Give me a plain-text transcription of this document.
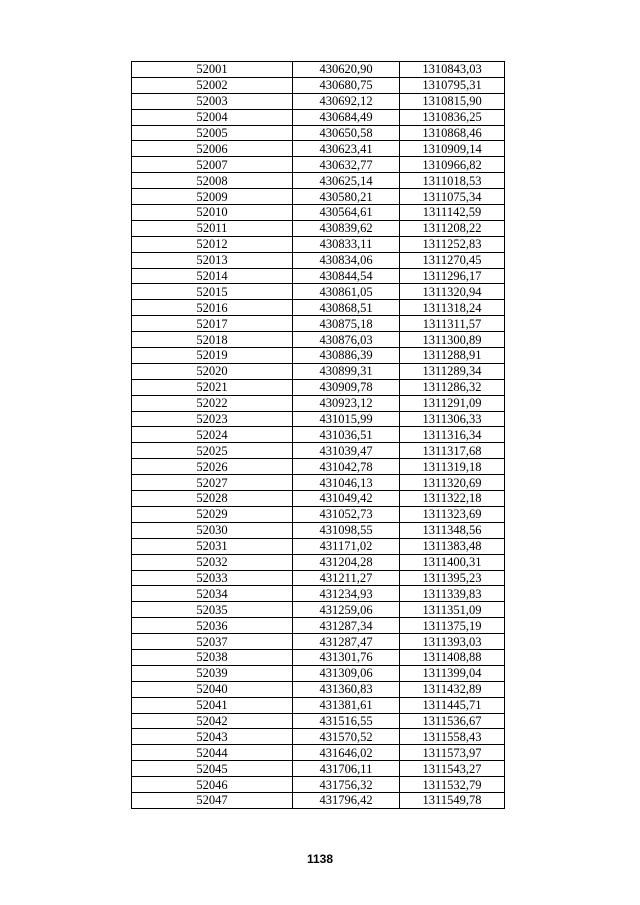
52001	430620,90	1310843,03
52002	430680,75	1310795,31
52003	430692,12	1310815,90
52004	430684,49	1310836,25
52005	430650,58	1310868,46
52006	430623,41	1310909,14
52007	430632,77	1310966,82
52008	430625,14	1311018,53
52009	430580,21	1311075,34
52010	430564,61	1311142,59
52011	430839,62	1311208,22
52012	430833,11	1311252,83
52013	430834,06	1311270,45
52014	430844,54	1311296,17
52015	430861,05	1311320,94
52016	430868,51	1311318,24
52017	430875,18	1311311,57
52018	430876,03	1311300,89
52019	430886,39	1311288,91
52020	430899,31	1311289,34
52021	430909,78	1311286,32
52022	430923,12	1311291,09
52023	431015,99	1311306,33
52024	431036,51	1311316,34
52025	431039,47	1311317,68
52026	431042,78	1311319,18
52027	431046,13	1311320,69
52028	431049,42	1311322,18
52029	431052,73	1311323,69
52030	431098,55	1311348,56
52031	431171,02	1311383,48
52032	431204,28	1311400,31
52033	431211,27	1311395,23
52034	431234,93	1311339,83
52035	431259,06	1311351,09
52036	431287,34	1311375,19
52037	431287,47	1311393,03
52038	431301,76	1311408,88
52039	431309,06	1311399,04
52040	431360,83	1311432,89
52041	431381,61	1311445,71
52042	431516,55	1311536,67
52043	431570,52	1311558,43
52044	431646,02	1311573,97
52045	431706,11	1311543,27
52046	431756,32	1311532,79
52047	431796,42	1311549,78
1138
